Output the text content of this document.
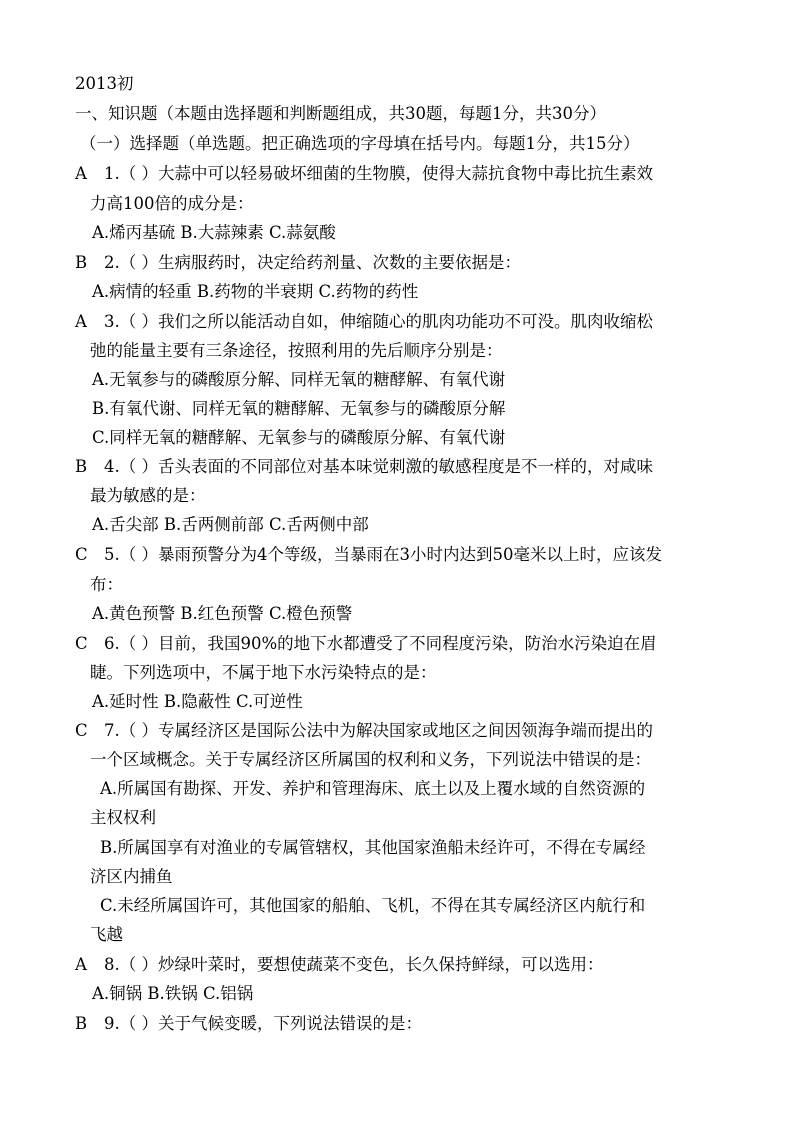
2013初
一、知识题（本题由选择题和判断题组成，共30题，每题1分，共30分）
（一）选择题（单选题。把正确选项的字母填在括号内。每题1分，共15分）
A 1.（ ）大蒜中可以轻易破坏细菌的生物膜，使得大蒜抗食物中毒比抗生素效
力高100倍的成分是：
A.烯丙基硫 B.大蒜辣素 C.蒜氨酸
B 2.（ ）生病服药时，决定给药剂量、次数的主要依据是：
A.病情的轻重 B.药物的半衰期 C.药物的药性
A 3.（ ）我们之所以能活动自如，伸缩随心的肌肉功能功不可没。肌肉收缩松
弛的能量主要有三条途径，按照利用的先后顺序分别是：
A.无氧参与的磷酸原分解、同样无氧的糖酵解、有氧代谢
B.有氧代谢、同样无氧的糖酵解、无氧参与的磷酸原分解
C.同样无氧的糖酵解、无氧参与的磷酸原分解、有氧代谢
B 4.（ ）舌头表面的不同部位对基本味觉刺激的敏感程度是不一样的，对咸味
最为敏感的是：
A.舌尖部 B.舌两侧前部 C.舌两侧中部
C 5.（ ）暴雨预警分为4个等级，当暴雨在3小时内达到50毫米以上时，应该发
布：
A.黄色预警 B.红色预警 C.橙色预警
C 6.（ ）目前，我国90%的地下水都遭受了不同程度污染，防治水污染迫在眉
睫。下列选项中，不属于地下水污染特点的是：
A.延时性 B.隐蔽性 C.可逆性
C 7.（ ）专属经济区是国际公法中为解决国家或地区之间因领海争端而提出的
一个区域概念。关于专属经济区所属国的权利和义务，下列说法中错误的是：
A.所属国有勘探、开发、养护和管理海床、底土以及上覆水域的自然资源的
主权权利
B.所属国享有对渔业的专属管辖权，其他国家渔船未经许可，不得在专属经
济区内捕鱼
C.未经所属国许可，其他国家的船舶、飞机，不得在其专属经济区内航行和
飞越
A 8.（ ）炒绿叶菜时，要想使蔬菜不变色，长久保持鲜绿，可以选用：
A.铜锅 B.铁锅 C.铝锅
B 9.（ ）关于气候变暖，下列说法错误的是：
